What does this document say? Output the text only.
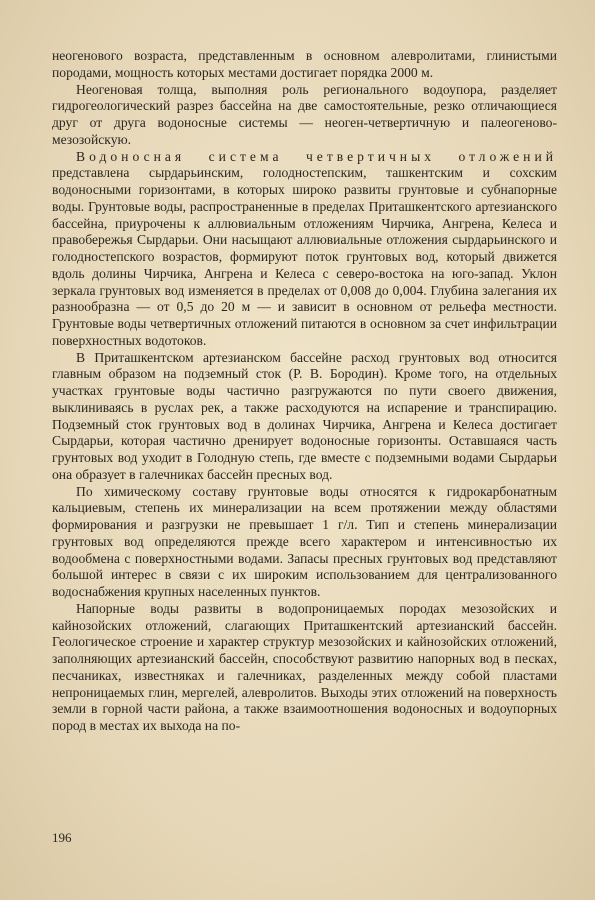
неогенового возраста, представленным в основном алевролитами, глинистыми породами, мощность которых местами достигает порядка 2000 м.

Неогеновая толща, выполняя роль регионального водоупора, разделяет гидрогеологический разрез бассейна на две самостоятельные, резко отличающиеся друг от друга водоносные системы — неоген-четвертичную и палеогеново-мезозойскую.

Водоносная система четвертичных отложений представлена сырдарьинским, голодностепским, ташкентским и сохским водоносными горизонтами, в которых широко развиты грунтовые и субнапорные воды. Грунтовые воды, распространенные в пределах Приташкентского артезианского бассейна, приурочены к аллювиальным отложениям Чирчика, Ангрена, Келеса и правобережья Сырдарьи. Они насыщают аллювиальные отложения сырдарьинского и голодностепского возрастов, формируют поток грунтовых вод, который движется вдоль долины Чирчика, Ангрена и Келеса с северо-востока на юго-запад. Уклон зеркала грунтовых вод изменяется в пределах от 0,008 до 0,004. Глубина залегания их разнообразна — от 0,5 до 20 м — и зависит в основном от рельефа местности. Грунтовые воды четвертичных отложений питаются в основном за счет инфильтрации поверхностных водотоков.

В Приташкентском артезианском бассейне расход грунтовых вод относится главным образом на подземный сток (Р. В. Бородин). Кроме того, на отдельных участках грунтовые воды частично разгружаются по пути своего движения, выклиниваясь в руслах рек, а также расходуются на испарение и транспирацию. Подземный сток грунтовых вод в долинах Чирчика, Ангрена и Келеса достигает Сырдарьи, которая частично дренирует водоносные горизонты. Оставшаяся часть грунтовых вод уходит в Голодную степь, где вместе с подземными водами Сырдарьи она образует в галечниках бассейн пресных вод.

По химическому составу грунтовые воды относятся к гидрокарбонатным кальциевым, степень их минерализации на всем протяжении между областями формирования и разгрузки не превышает 1 г/л. Тип и степень минерализации грунтовых вод определяются прежде всего характером и интенсивностью их водообмена с поверхностными водами. Запасы пресных грунтовых вод представляют большой интерес в связи с их широким использованием для централизованного водоснабжения крупных населенных пунктов.

Напорные воды развиты в водопроницаемых породах мезозойских и кайнозойских отложений, слагающих Приташкентский артезианский бассейн. Геологическое строение и характер структур мезозойских и кайнозойских отложений, заполняющих артезианский бассейн, способствуют развитию напорных вод в песках, песчаниках, известняках и галечниках, разделенных между собой пластами непроницаемых глин, мергелей, алевролитов. Выходы этих отложений на поверхность земли в горной части района, а также взаимоотношения водоносных и водоупорных пород в местах их выхода на по-

196
